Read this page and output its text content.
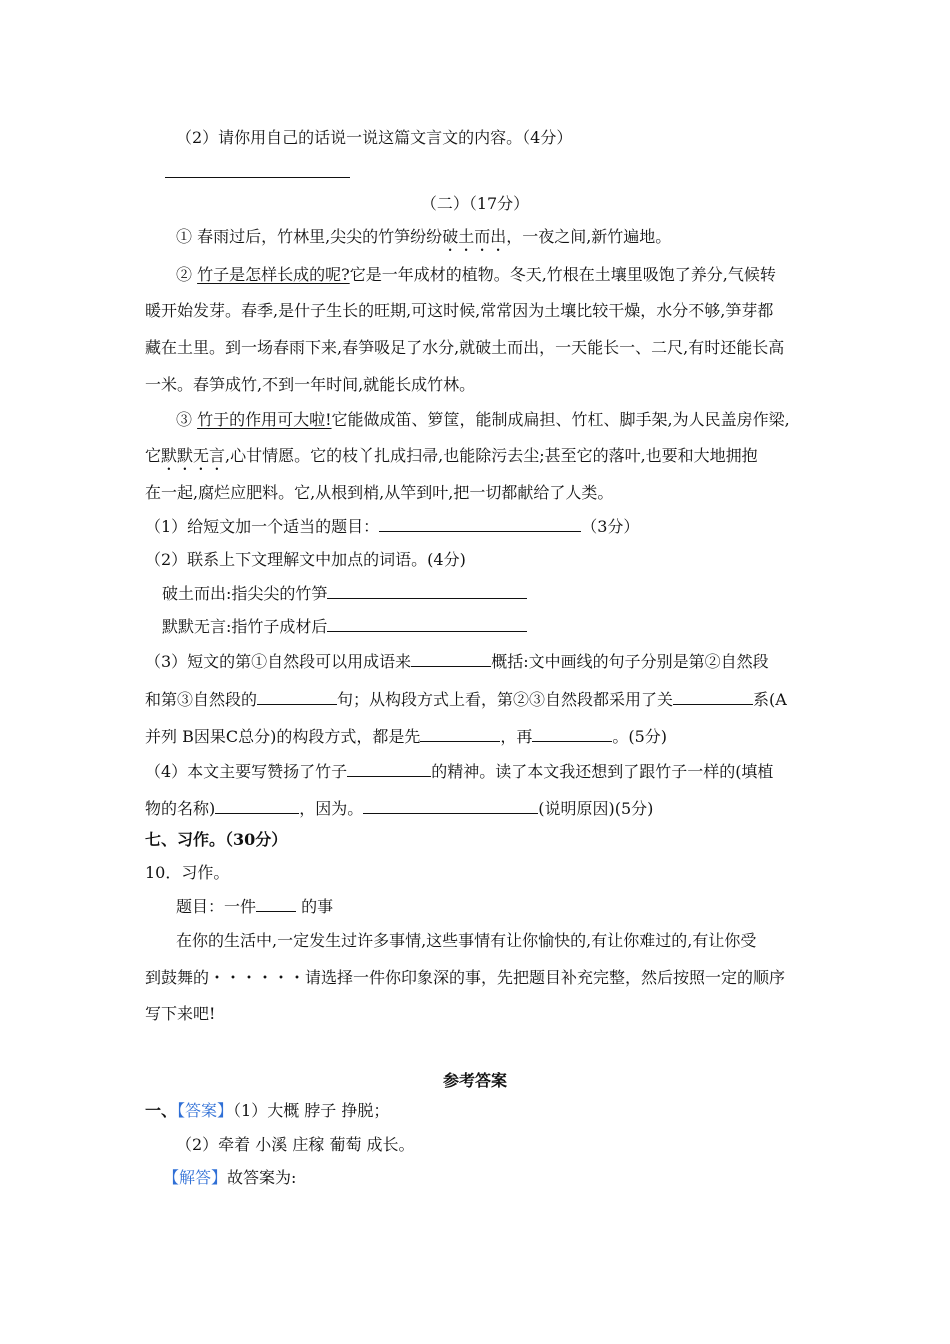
（2）请你用自己的话说一说这篇文言文的内容。（4分）
（二）（17分）
① 春雨过后，竹林里,尖尖的竹笋纷纷破土而出，一夜之间,新竹遍地。
② 竹子是怎样长成的呢?它是一年成材的植物。冬天,竹根在土壤里吸饱了养分,气候转
暖开始发芽。春季,是什子生长的旺期,可这时候,常常因为土壤比较干燥，水分不够,笋芽都
藏在土里。到一场春雨下来,春笋吸足了水分,就破土而出，一天能长一、二尺,有时还能长高
一米。春笋成竹,不到一年时间,就能长成竹林。
③ 竹于的作用可大啦!它能做成笛、箩筐，能制成扁担、竹杠、脚手架,为人民盖房作梁,
它默默无言,心甘情愿。它的枝丫扎成扫帚,也能除污去尘;甚至它的落叶,也要和大地拥抱
在一起,腐烂应肥料。它,从根到梢,从竿到叶,把一切都献给了人类。
（1）给短文加一个适当的题目：	（3分）
（2）联系上下文理解文中加点的词语。(4分)
破土而出:指尖尖的竹笋
默默无言:指竹子成材后
（3）短文的第①自然段可以用成语来	概括:文中画线的句子分别是第②自然段
和第③自然段的	句；从构段方式上看，第②③自然段都采用了关	系(A
并列 B因果C总分)的构段方式，都是先	，再	。(5分)
（4）本文主要写赞扬了竹子	的精神。读了本文我还想到了跟竹子一样的(填植
物的名称)	，因为。	(说明原因)(5分)
七、习作。（30分）
10．习作。
题目：一件	的事
在你的生活中,一定发生过许多事情,这些事情有让你愉快的,有让你难过的,有让你受
到鼓舞的・・・・・・请选择一件你印象深的事，先把题目补充完整，然后按照一定的顺序
写下来吧!
参考答案
一、【答案】（1）大概 脖子 挣脱；
（2）牵着 小溪 庄稼 葡萄 成长。
【解答】故答案为:
